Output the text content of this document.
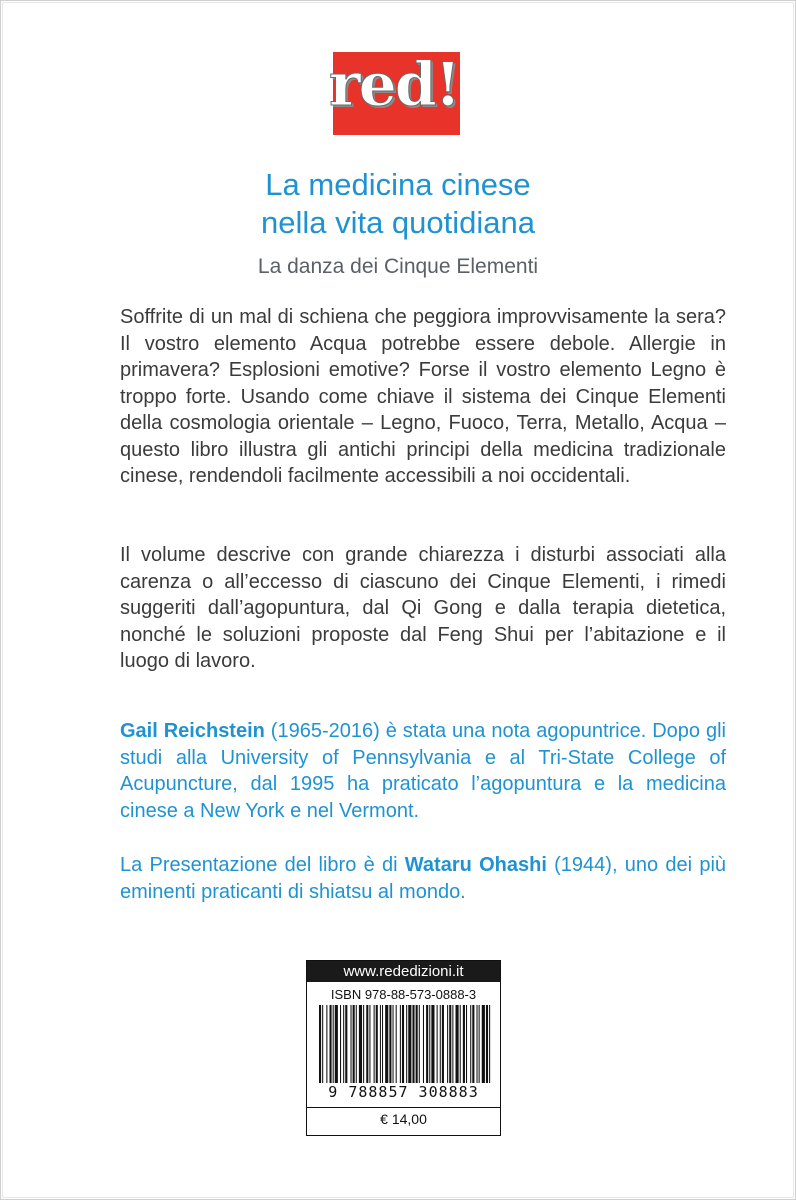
red!
La medicina cinese
nella vita quotidiana
La danza dei Cinque Elementi
Soffrite di un mal di schiena che peggiora improvvisamente la sera? Il vostro elemento Acqua potrebbe essere debole. Allergie in primavera? Esplosioni emotive? Forse il vostro elemento Legno è troppo forte. Usando come chiave il sistema dei Cinque Elementi della cosmologia orientale – Legno, Fuoco, Terra, Metallo, Acqua – questo libro illustra gli antichi principi della medicina tradizionale cinese, rendendoli facilmente accessibili a noi occidentali.
Il volume descrive con grande chiarezza i disturbi associati alla carenza o all’eccesso di ciascuno dei Cinque Elementi, i rimedi suggeriti dall’agopuntura, dal Qi Gong e dalla terapia dietetica, nonché le soluzioni proposte dal Feng Shui per l’abitazione e il luogo di lavoro.
Gail Reichstein (1965-2016) è stata una nota agopuntrice. Dopo gli studi alla University of Pennsylvania e al Tri-State College of Acupuncture, dal 1995 ha praticato l’agopuntura e la medicina cinese a New York e nel Vermont.
La Presentazione del libro è di Wataru Ohashi (1944), uno dei più eminenti praticanti di shiatsu al mondo.
www.rededizioni.it
ISBN 978-88-573-0888-3
9 788857 308883
€ 14,00
